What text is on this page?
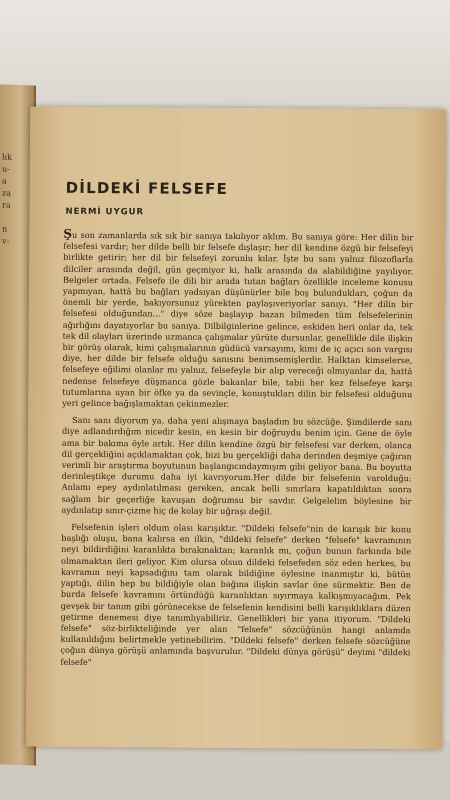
lık
u-
a
za
ra
n
v-
DİLDEKİ FELSEFE
NERMİ UYGUR

Şu son zamanlarda sık sık bir sanıya takılıyor aklım. Bu sanıya göre: Her dilin bir felsefesi vardır; her dilde belli bir felsefe dışlaşır; her dil kendine özgü bir felsefeyi birlikte getirir; her dil bir felsefeyi zorunlu kılar. İşte bu sanı yalnız filozoflarla dilciler arasında değil, gün geçmiyor ki, halk arasında da alabildiğine yayılıyor. Belgeler ortada. Felsefe ile dili bir arada tutan bağları özellikle inceleme konusu yapmıyan, hattâ bu bağları yadsıyan düşünürler bile boş bulundukları, çoğun da önemli bir yerde, bakıyorsunuz yürekten paylaşıveriyorlar sanıyı. "Her dilin bir felsefesi olduğundan..." diye söze başlayıp bazan bilmeden tüm felsefelerinin ağırlığını dayatıyorlar bu sanıya. Dilbilginlerine gelince, eskiden beri onlar da, tek tek dil olayları üzerinde uzmanca çalışmalar yürüte dursunlar, genellikle dile ilişkin bir görüş olarak, kimi çalışmalarının güdücü varsayımı, kimi de iç açıcı son vargısı diye, her dilde bir felsefe olduğu sanısını benimsemişlerdir. Halktan kimselerse, felsefeye eğilimi olanlar mı yalnız, felsefeyle bir alıp vereceği olmıyanlar da, hattâ nedense felsefeye düşmanca gözle bakanlar bile, tabii her kez felsefeye karşı tutumlarına uyan bir öfke ya da sevinçle, konuştukları dilin bir felsefesi olduğunu yeri gelince bağışlamaktan çekinmezler.

Sanı sanı diyorum ya, daha yeni alışmaya başladım bu sözcüğe. Şimdilerde sanı diye adlandırdığım nicedir kesin, en kesin bir doğruydu benim için. Gene de öyle ama bir bakıma öyle artık. Her dilin kendine özgü bir felsefesi var derken, olanca dil gerçekliğini açıklamaktan çok, bizi bu gerçekliği daha derinden deşmiye çağıran verimli bir araştırma boyutunun başlangıcındaymışım gibi geliyor bana. Bu boyutta derinleştikçe durumu daha iyi kavrıyorum.Her dilde bir felsefenin varolduğu: Anlamı epey aydınlatılması gereken, ancak belli sınırlara kapatıldıktan sonra sağlam bir geçerliğe kavuşan doğrumsu bir savdır. Gelgelelim böylesine bir aydınlatıp sınır-çizme hiç de kolay bir uğraşı değil.

Felsefenin işleri oldum olası karışıktır. "Dildeki felsefe"nin de karışık bir konu başlığı oluşu, bana kalırsa en ilkin, "dildeki felsefe" derken "felsefe" kavramının neyi bildirdiğini karanlıkta bırakmaktan; karanlık mı, çoğun bunun farkında bile olmamaktan ileri geliyor. Kim olursa olsun dildeki felsefeden söz eden herkes, bu kavramın neyi kapsadığını tam olarak bildiğine öylesine inanmıştır ki, bütün yaptığı, dilin hep bu bildiğiyle olan bağına ilişkin savlar öne sürmektir. Ben de burda felsefe kavramını örtündüğü karanlıktan sıyırmaya kalkışmıyacağım. Pek gevşek bir tanım gibi görünecekse de felsefenin kendisini belli karışıklıklara düzen getirme denemesi diye tanımlıyabiliriz. Genellikleri bir yana itiyorum. "Dildeki felsefe" söz-birlikteliğinde yer alan "felsefe" sözcüğünün hangi anlamda kullanıldığını belirtmekle yetinebilirim. "Dildeki felsefe" derken felsefe sözcüğüne çoğun dünya görüşü anlamında başvurulur. "Dildeki dünya görüşü" deyimi "dildeki felsefe"
